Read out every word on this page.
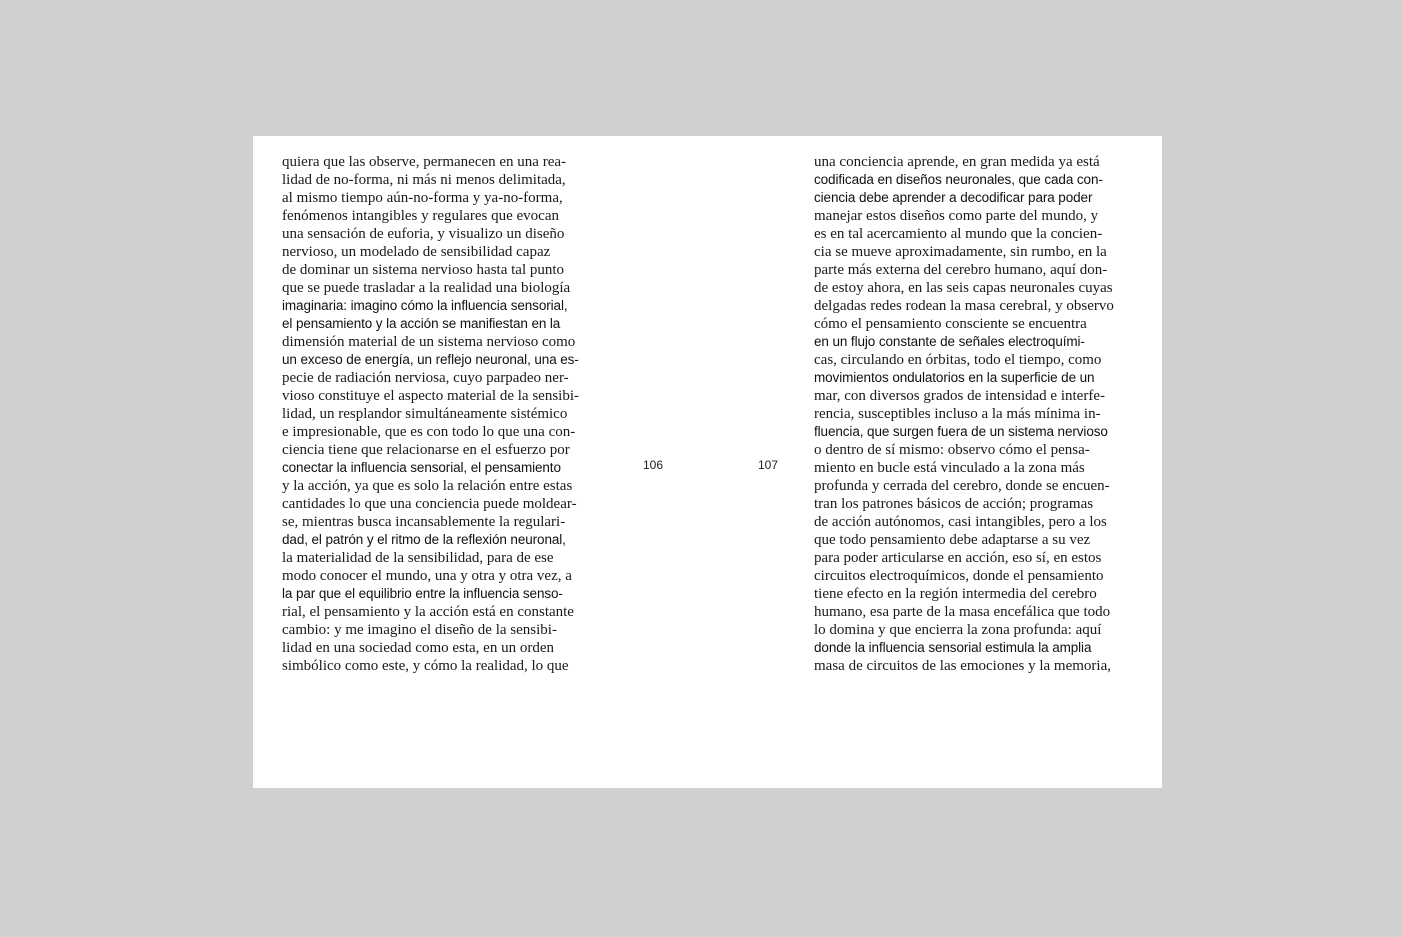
quiera que las observe, permanecen en una rea-
lidad de no-forma, ni más ni menos delimitada,
al mismo tiempo aún-no-forma y ya-no-forma,
fenómenos intangibles y regulares que evocan
una sensación de euforia, y visualizo un diseño
nervioso, un modelado de sensibilidad capaz
de dominar un sistema nervioso hasta tal punto
que se puede trasladar a la realidad una biología
imaginaria: imagino cómo la influencia sensorial,
el pensamiento y la acción se manifiestan en la
dimensión material de un sistema nervioso como
un exceso de energía, un reflejo neuronal, una es-
pecie de radiación nerviosa, cuyo parpadeo ner-
vioso constituye el aspecto material de la sensibi-
lidad, un resplandor simultáneamente sistémico
e impresionable, que es con todo lo que una con-
ciencia tiene que relacionarse en el esfuerzo por
conectar la influencia sensorial, el pensamiento
y la acción, ya que es solo la relación entre estas
cantidades lo que una conciencia puede moldear-
se, mientras busca incansablemente la regulari-
dad, el patrón y el ritmo de la reflexión neuronal,
la materialidad de la sensibilidad, para de ese
modo conocer el mundo, una y otra y otra vez, a
la par que el equilibrio entre la influencia senso-
rial, el pensamiento y la acción está en constante
cambio: y me imagino el diseño de la sensibi-
lidad en una sociedad como esta, en un orden
simbólico como este, y cómo la realidad, lo que
106	107
una conciencia aprende, en gran medida ya está
codificada en diseños neuronales, que cada con-
ciencia debe aprender a decodificar para poder
manejar estos diseños como parte del mundo, y
es en tal acercamiento al mundo que la concien-
cia se mueve aproximadamente, sin rumbo, en la
parte más externa del cerebro humano, aquí don-
de estoy ahora, en las seis capas neuronales cuyas
delgadas redes rodean la masa cerebral, y observo
cómo el pensamiento consciente se encuentra
en un flujo constante de señales electroquími-
cas, circulando en órbitas, todo el tiempo, como
movimientos ondulatorios en la superficie de un
mar, con diversos grados de intensidad e interfe-
rencia, susceptibles incluso a la más mínima in-
fluencia, que surgen fuera de un sistema nervioso
o dentro de sí mismo: observo cómo el pensa-
miento en bucle está vinculado a la zona más
profunda y cerrada del cerebro, donde se encuen-
tran los patrones básicos de acción; programas
de acción autónomos, casi intangibles, pero a los
que todo pensamiento debe adaptarse a su vez
para poder articularse en acción, eso sí, en estos
circuitos electroquímicos, donde el pensamiento
tiene efecto en la región intermedia del cerebro
humano, esa parte de la masa encefálica que todo
lo domina y que encierra la zona profunda: aquí
donde la influencia sensorial estimula la amplia
masa de circuitos de las emociones y la memoria,
